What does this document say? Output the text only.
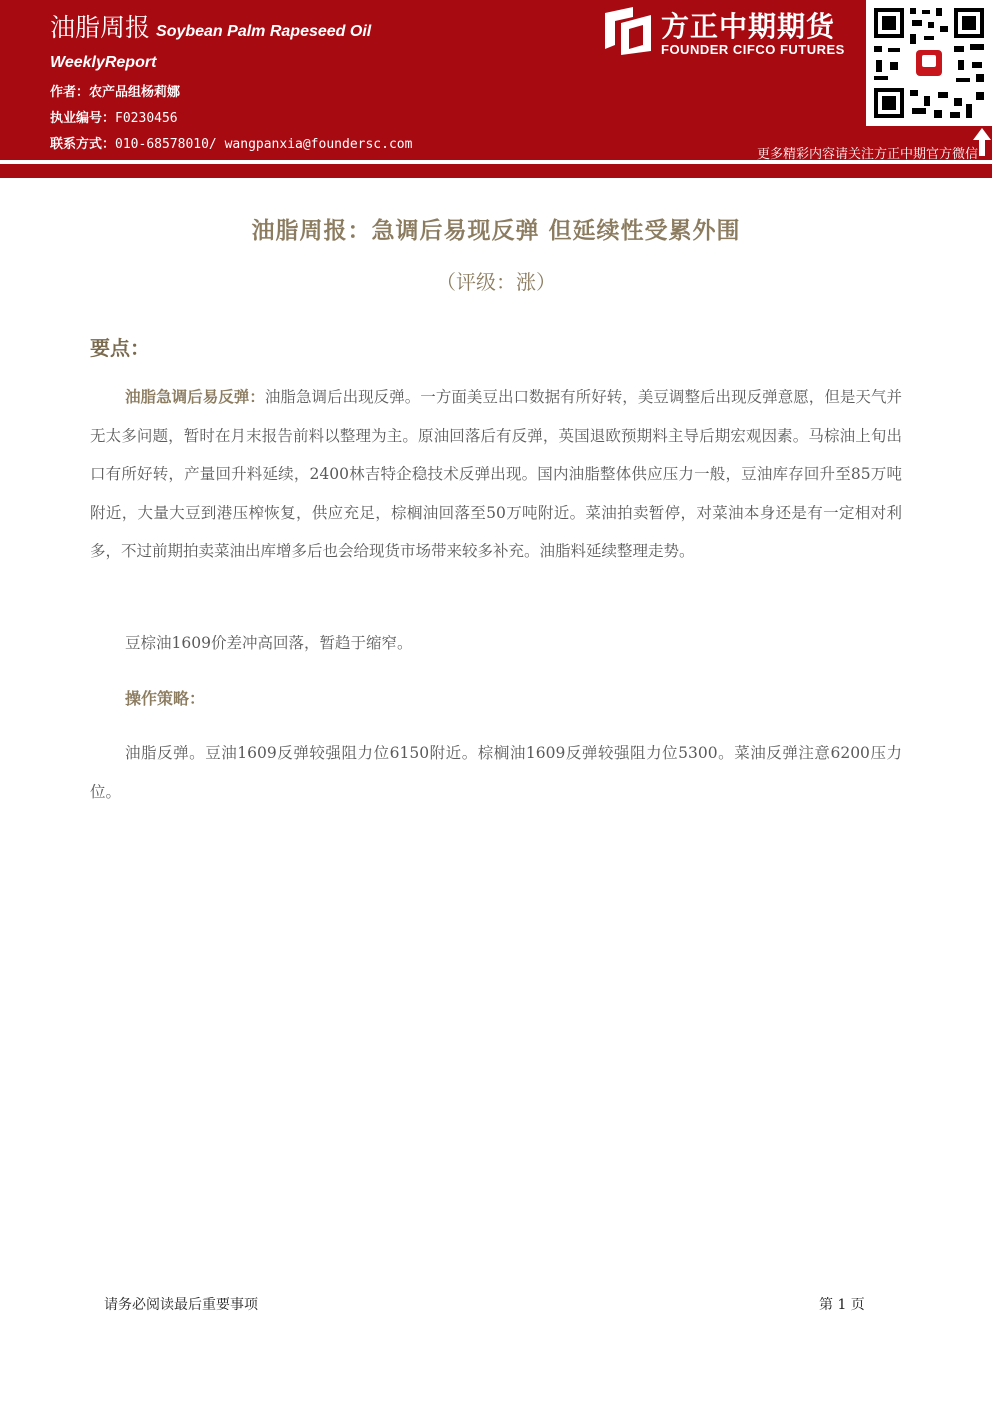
油脂周报 Soybean Palm Rapeseed Oil
WeeklyReport
作者：农产品组杨莉娜
执业编号：F0230456
联系方式：010-68578010/ wangpanxia@foundersc.com
方正中期期货
FOUNDER CIFCO FUTURES
更多精彩内容请关注方正中期官方微信
油脂周报：急调后易现反弹 但延续性受累外围
（评级：涨）
要点：
油脂急调后易反弹：油脂急调后出现反弹。一方面美豆出口数据有所好转，美豆调整后出现反弹意愿，但是天气并无太多问题，暂时在月末报告前料以整理为主。原油回落后有反弹，英国退欧预期料主导后期宏观因素。马棕油上旬出口有所好转，产量回升料延续，2400林吉特企稳技术反弹出现。国内油脂整体供应压力一般，豆油库存回升至85万吨附近，大量大豆到港压榨恢复，供应充足，棕榈油回落至50万吨附近。菜油拍卖暂停，对菜油本身还是有一定相对利多，不过前期拍卖菜油出库增多后也会给现货市场带来较多补充。油脂料延续整理走势。
豆棕油1609价差冲高回落，暂趋于缩窄。
操作策略：
油脂反弹。豆油1609反弹较强阻力位6150附近。棕榈油1609反弹较强阻力位5300。菜油反弹注意6200压力位。
请务必阅读最后重要事项	第 1 页
